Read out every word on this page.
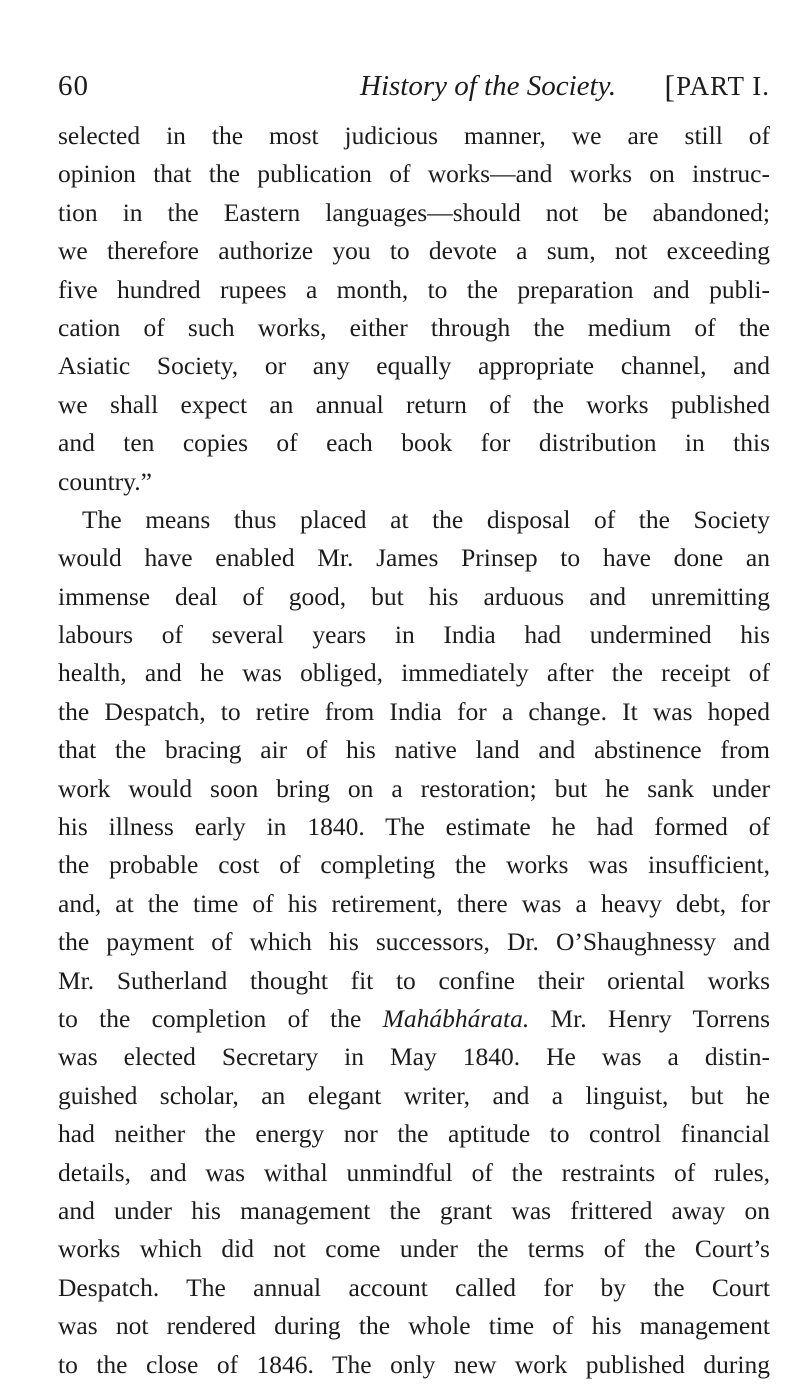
60	History of the Society. [PART I.
selected in the most judicious manner, we are still of
opinion that the publication of works—and works on instruc-
tion in the Eastern languages—should not be abandoned;
we therefore authorize you to devote a sum, not exceeding
five hundred rupees a month, to the preparation and publi-
cation of such works, either through the medium of the
Asiatic Society, or any equally appropriate channel, and
we shall expect an annual return of the works published
and ten copies of each book for distribution in this
country.”
The means thus placed at the disposal of the Society
would have enabled Mr. James Prinsep to have done an
immense deal of good, but his arduous and unremitting
labours of several years in India had undermined his
health, and he was obliged, immediately after the receipt of
the Despatch, to retire from India for a change. It was hoped
that the bracing air of his native land and abstinence from
work would soon bring on a restoration; but he sank under
his illness early in 1840. The estimate he had formed of
the probable cost of completing the works was insufficient,
and, at the time of his retirement, there was a heavy debt, for
the payment of which his successors, Dr. O’Shaughnessy and
Mr. Sutherland thought fit to confine their oriental works
to the completion of the Mahábhárata. Mr. Henry Torrens
was elected Secretary in May 1840. He was a distin-
guished scholar, an elegant writer, and a linguist, but he
had neither the energy nor the aptitude to control financial
details, and was withal unmindful of the restraints of rules,
and under his management the grant was frittered away on
works which did not come under the terms of the Court’s
Despatch. The annual account called for by the Court
was not rendered during the whole time of his management
to the close of 1846. The only new work published during
